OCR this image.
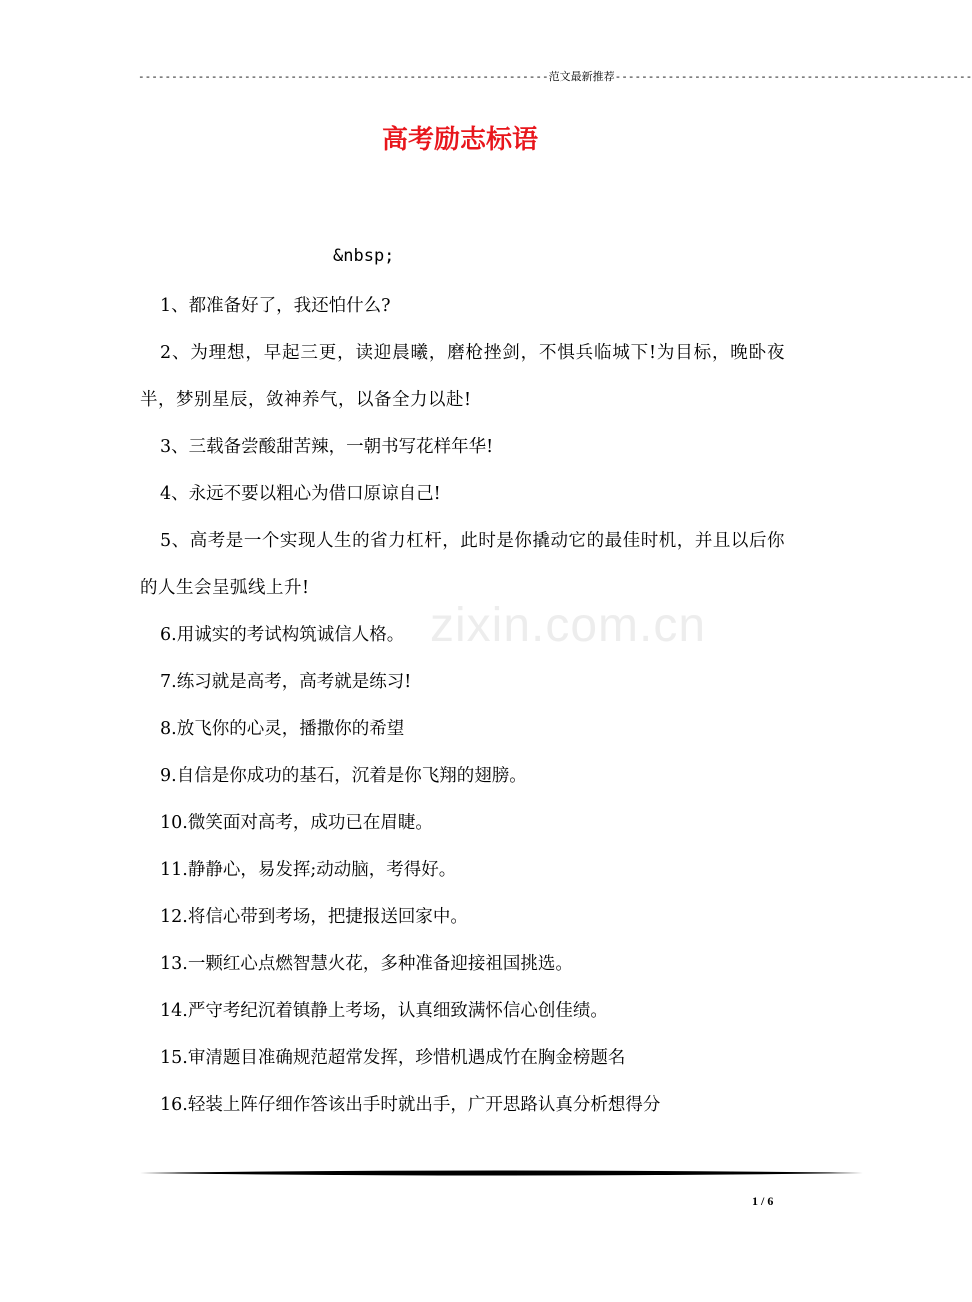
--------------------------------------------------------------范文最新推荐------------------------------------------------------
高考励志标语
&nbsp;

1、都准备好了，我还怕什么?

2、为理想，早起三更，读迎晨曦，磨枪挫剑，不惧兵临城下!为目标，晚卧夜半，梦别星辰，敛神养气，以备全力以赴!

3、三载备尝酸甜苦辣，一朝书写花样年华!

4、永远不要以粗心为借口原谅自己!

5、高考是一个实现人生的省力杠杆，此时是你撬动它的最佳时机，并且以后你的人生会呈弧线上升!

6.用诚实的考试构筑诚信人格。

7.练习就是高考，高考就是练习!

8.放飞你的心灵，播撒你的希望

9.自信是你成功的基石，沉着是你飞翔的翅膀。

10.微笑面对高考，成功已在眉睫。

11.静静心，易发挥;动动脑，考得好。

12.将信心带到考场，把捷报送回家中。

13.一颗红心点燃智慧火花，多种准备迎接祖国挑选。

14.严守考纪沉着镇静上考场，认真细致满怀信心创佳绩。

15.审清题目准确规范超常发挥，珍惜机遇成竹在胸金榜题名

16.轻装上阵仔细作答该出手时就出手，广开思路认真分析想得分

zixin.com.cn
1 / 6
